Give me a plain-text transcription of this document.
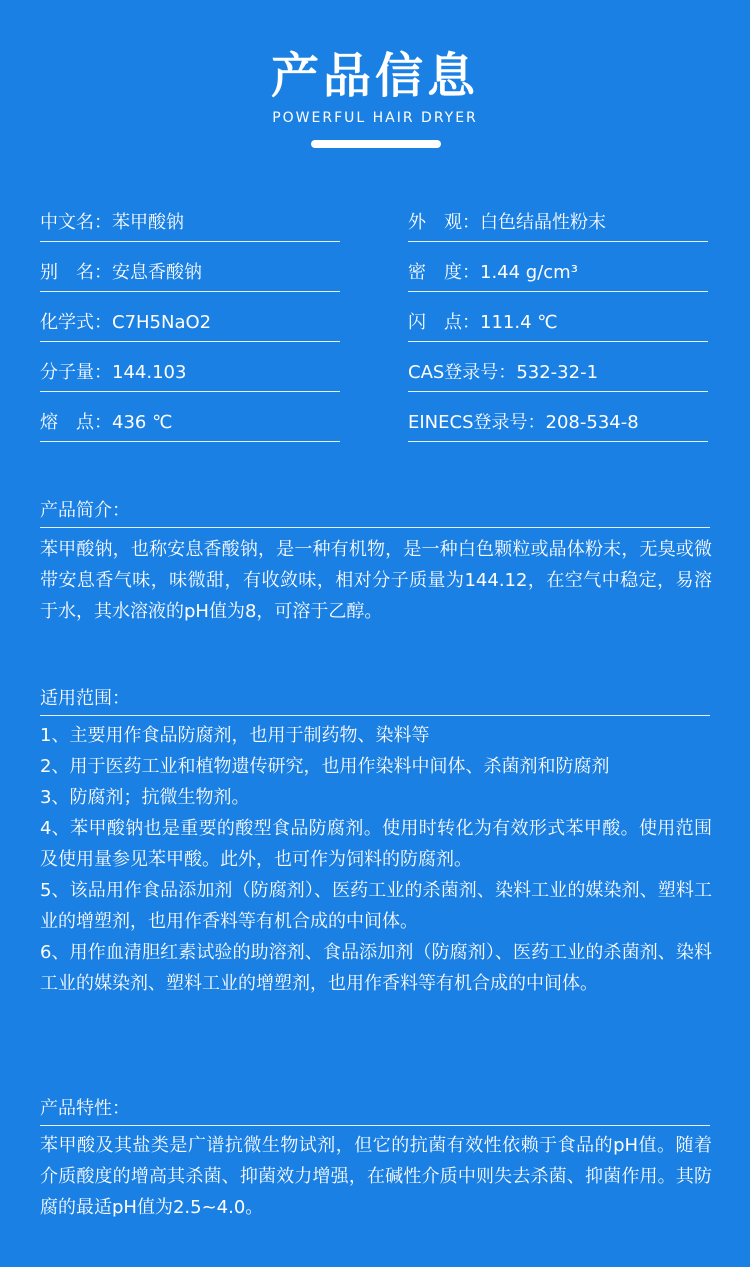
产品信息
POWERFUL HAIR DRYER
中文名：苯甲酸钠
别　名：安息香酸钠
化学式：C7H5NaO2
分子量：144.103
熔　点：436 ℃
外　观：白色结晶性粉末
密　度：1.44 g/cm³
闪　点：111.4 ℃
CAS登录号：532-32-1
EINECS登录号：208-534-8
产品简介：

苯甲酸钠，也称安息香酸钠，是一种有机物，是一种白色颗粒或晶体粉末，无臭或微带安息香气味，味微甜，有收敛味，相对分子质量为144.12，在空气中稳定，易溶于水，其水溶液的pH值为8，可溶于乙醇。

适用范围：
1、主要用作食品防腐剂，也用于制药物、染料等
2、用于医药工业和植物遗传研究，也用作染料中间体、杀菌剂和防腐剂
3、防腐剂；抗微生物剂。
4、苯甲酸钠也是重要的酸型食品防腐剂。使用时转化为有效形式苯甲酸。使用范围及使用量参见苯甲酸。此外，也可作为饲料的防腐剂。
5、该品用作食品添加剂（防腐剂）、医药工业的杀菌剂、染料工业的媒染剂、塑料工业的增塑剂，也用作香料等有机合成的中间体。
6、用作血清胆红素试验的助溶剂、食品添加剂（防腐剂）、医药工业的杀菌剂、染料工业的媒染剂、塑料工业的增塑剂，也用作香料等有机合成的中间体。
产品特性：

苯甲酸及其盐类是广谱抗微生物试剂，但它的抗菌有效性依赖于食品的pH值。随着介质酸度的增高其杀菌、抑菌效力增强，在碱性介质中则失去杀菌、抑菌作用。其防腐的最适pH值为2.5~4.0。
